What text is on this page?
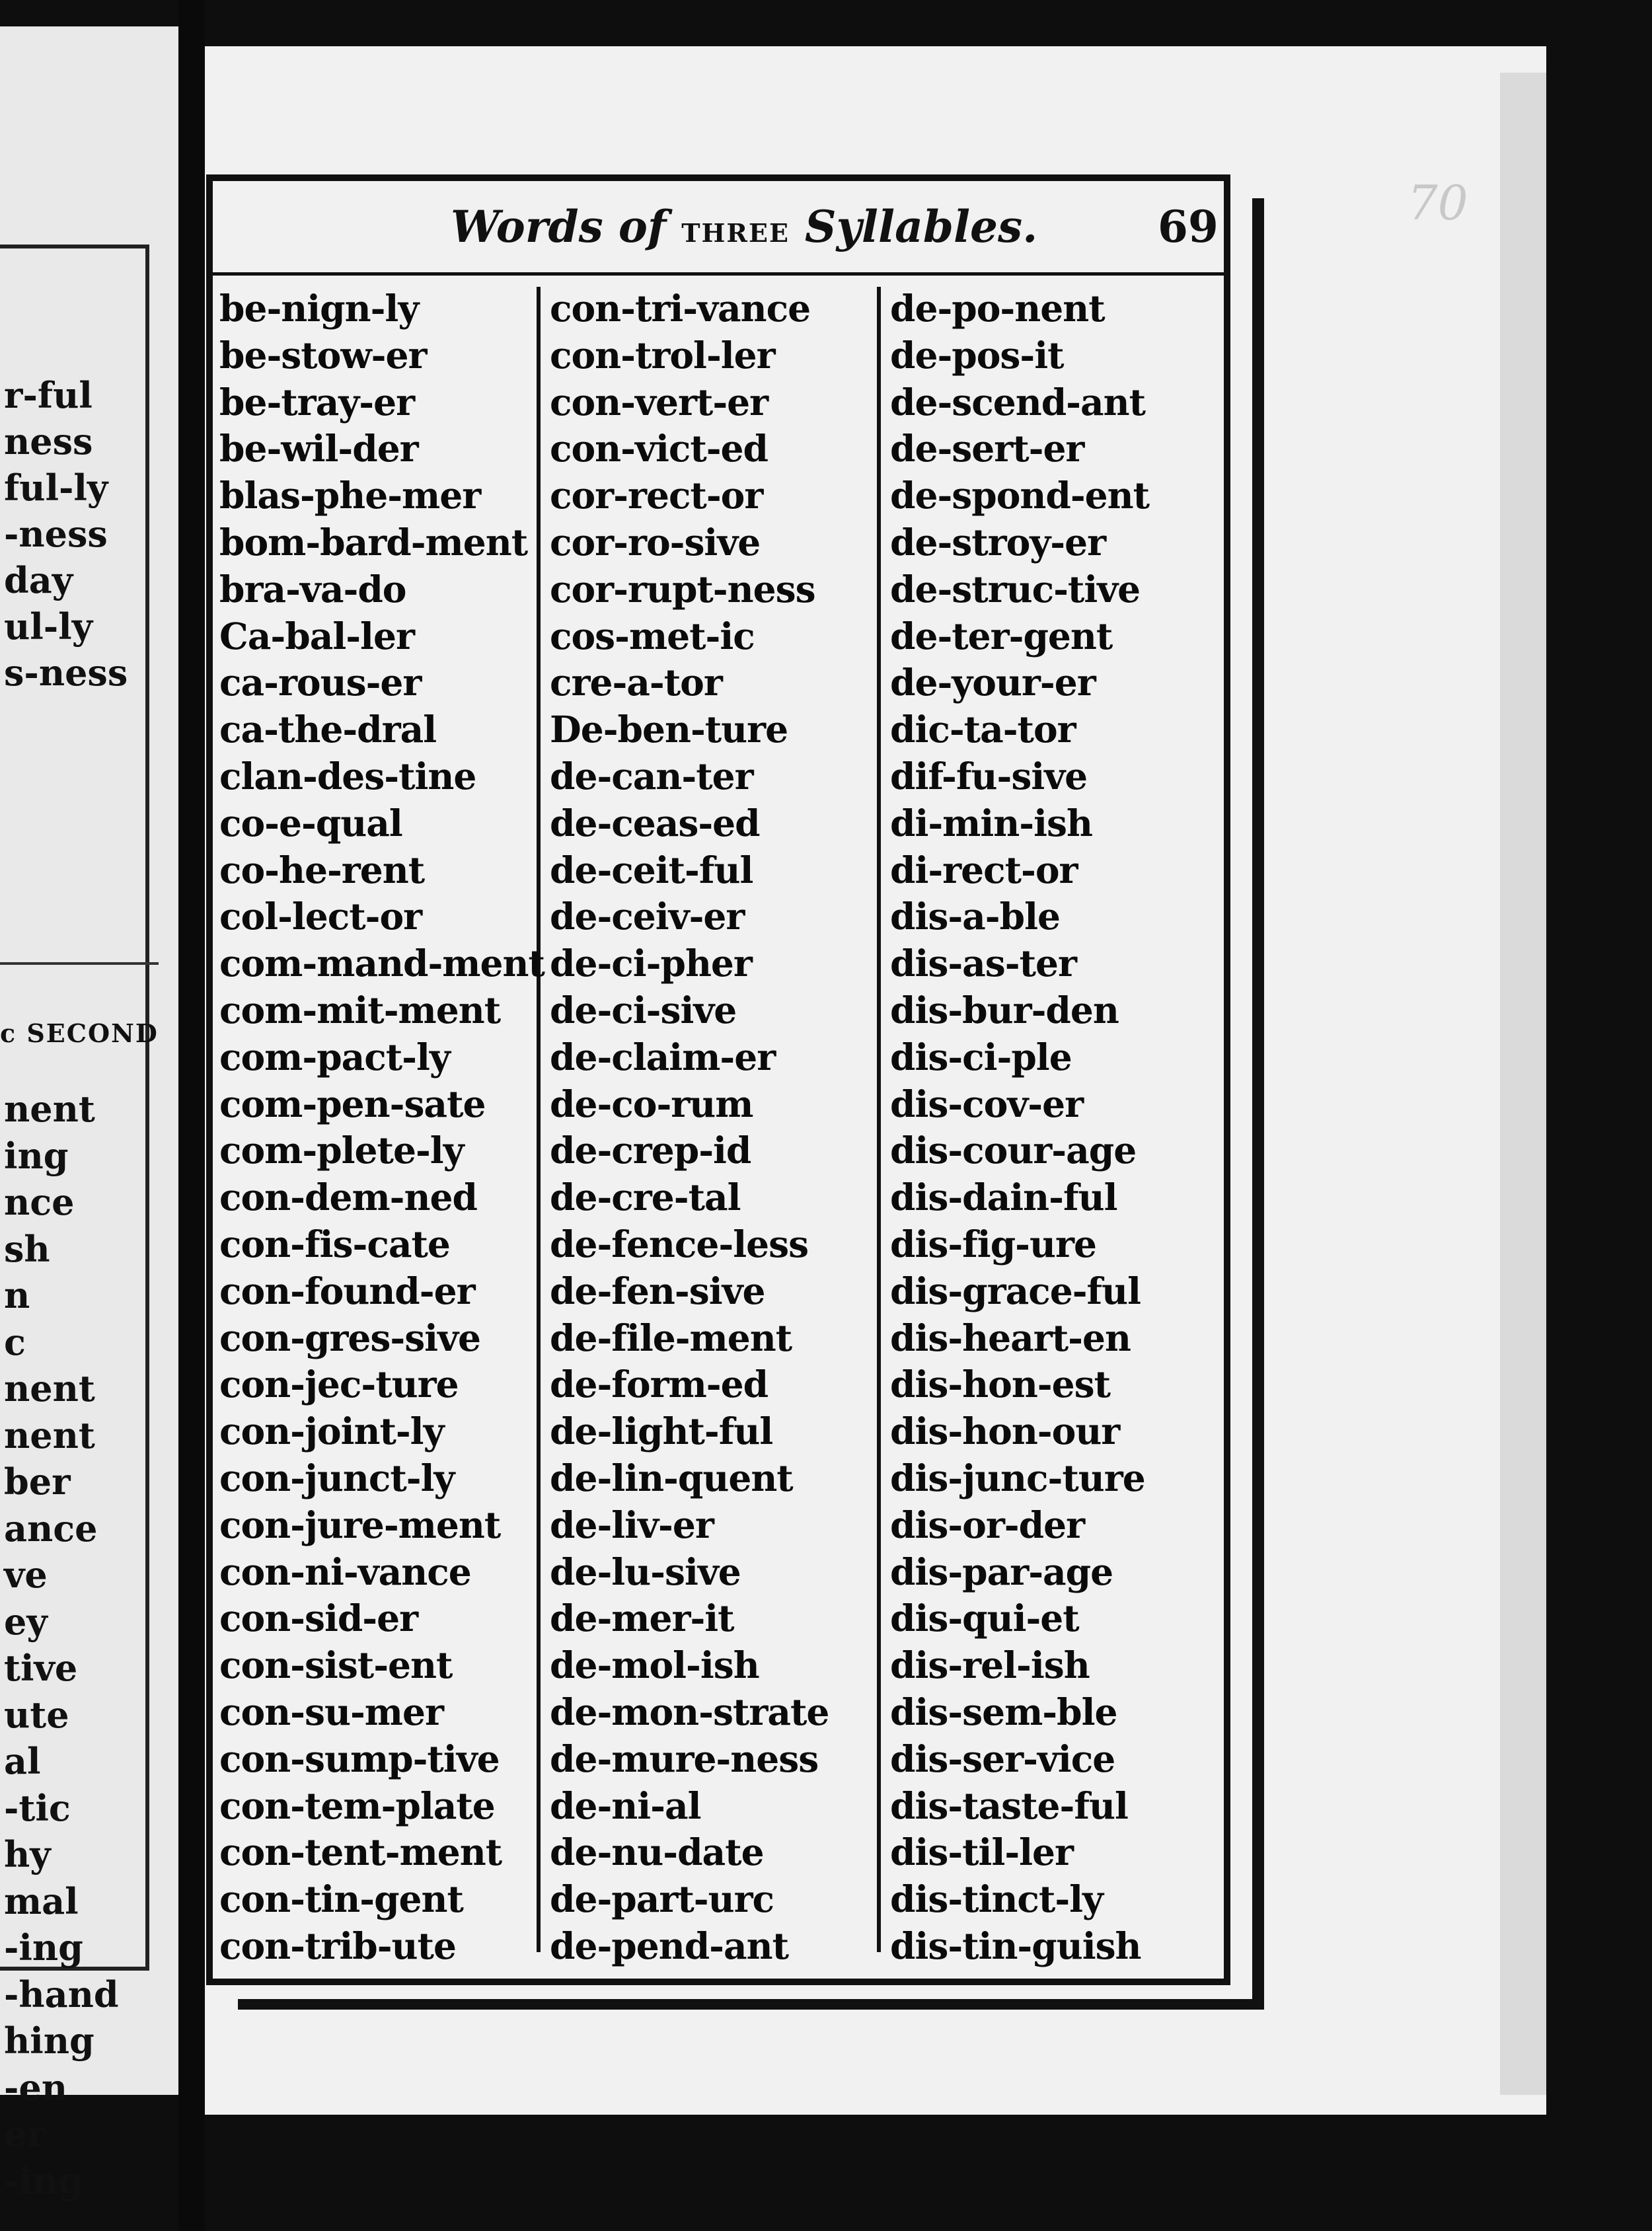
r-ful
ness
ful-ly
-ness
day
ul-ly
s-ness
c SECOND
nent
ing
nce
sh
n
c
nent
nent
ber
ance
ve
ey
tive
ute
al
-tic
hy
mal
-ing
-hand
hing
-en
er
-ing
70
Words of three Syllables.	69
be-nign-ly
be-stow-er
be-tray-er
be-wil-der
blas-phe-mer
bom-bard-ment
bra-va-do
Ca-bal-ler
ca-rous-er
ca-the-dral
clan-des-tine
co-e-qual
co-he-rent
col-lect-or
com-mand-ment
com-mit-ment
com-pact-ly
com-pen-sate
com-plete-ly
con-dem-ned
con-fis-cate
con-found-er
con-gres-sive
con-jec-ture
con-joint-ly
con-junct-ly
con-jure-ment
con-ni-vance
con-sid-er
con-sist-ent
con-su-mer
con-sump-tive
con-tem-plate
con-tent-ment
con-tin-gent
con-trib-ute
con-tri-vance
con-trol-ler
con-vert-er
con-vict-ed
cor-rect-or
cor-ro-sive
cor-rupt-ness
cos-met-ic
cre-a-tor
De-ben-ture
de-can-ter
de-ceas-ed
de-ceit-ful
de-ceiv-er
de-ci-pher
de-ci-sive
de-claim-er
de-co-rum
de-crep-id
de-cre-tal
de-fence-less
de-fen-sive
de-file-ment
de-form-ed
de-light-ful
de-lin-quent
de-liv-er
de-lu-sive
de-mer-it
de-mol-ish
de-mon-strate
de-mure-ness
de-ni-al
de-nu-date
de-part-urc
de-pend-ant
de-po-nent
de-pos-it
de-scend-ant
de-sert-er
de-spond-ent
de-stroy-er
de-struc-tive
de-ter-gent
de-your-er
dic-ta-tor
dif-fu-sive
di-min-ish
di-rect-or
dis-a-ble
dis-as-ter
dis-bur-den
dis-ci-ple
dis-cov-er
dis-cour-age
dis-dain-ful
dis-fig-ure
dis-grace-ful
dis-heart-en
dis-hon-est
dis-hon-our
dis-junc-ture
dis-or-der
dis-par-age
dis-qui-et
dis-rel-ish
dis-sem-ble
dis-ser-vice
dis-taste-ful
dis-til-ler
dis-tinct-ly
dis-tin-guish
